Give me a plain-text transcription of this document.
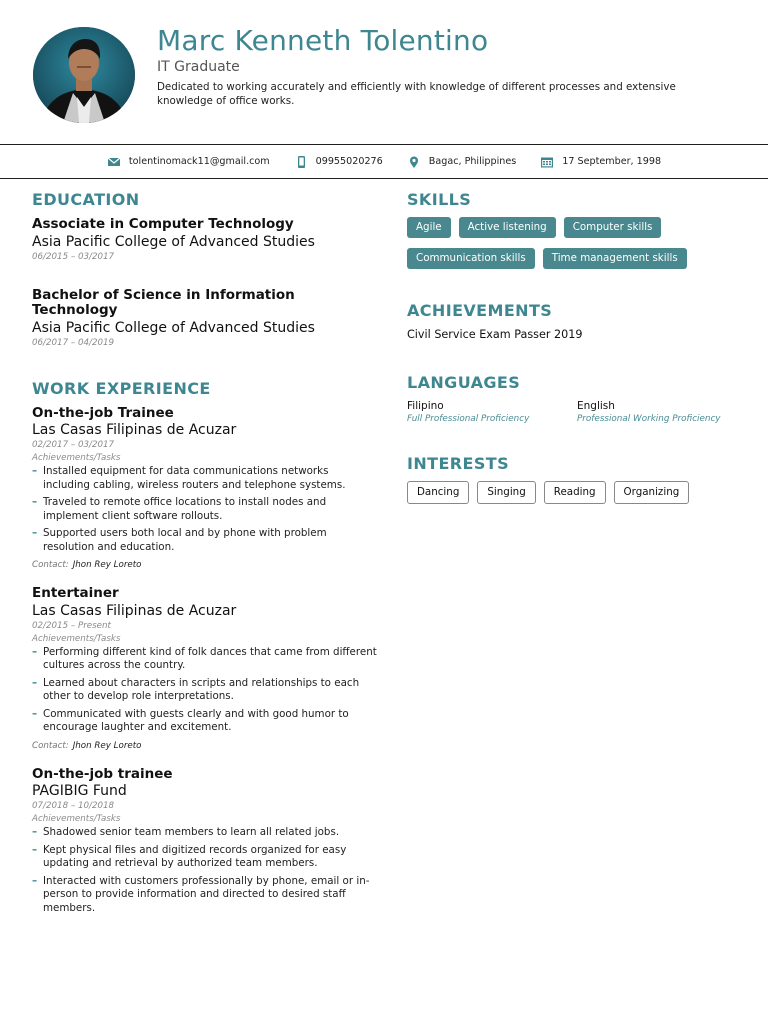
Marc Kenneth Tolentino
IT Graduate
Dedicated to working accurately and efficiently with knowledge of different processes and extensive knowledge of office works.
tolentinomack11@gmail.com	09955020276	Bagac, Philippines	17 September, 1998
EDUCATION
Associate in Computer Technology
Asia Pacific College of Advanced Studies
06/2015 – 03/2017
Bachelor of Science in Information Technology
Asia Pacific College of Advanced Studies
06/2017 – 04/2019
WORK EXPERIENCE
On-the-job Trainee
Las Casas Filipinas de Acuzar
02/2017 – 03/2017
Achievements/Tasks
– Installed equipment for data communications networks including cabling, wireless routers and telephone systems.
– Traveled to remote office locations to install nodes and implement client software rollouts.
– Supported users both local and by phone with problem resolution and education.
Contact: Jhon Rey Loreto
Entertainer
Las Casas Filipinas de Acuzar
02/2015 – Present
Achievements/Tasks
– Performing different kind of folk dances that came from different cultures across the country.
– Learned about characters in scripts and relationships to each other to develop role interpretations.
– Communicated with guests clearly and with good humor to encourage laughter and excitement.
Contact: Jhon Rey Loreto
On-the-job trainee
PAGIBIG Fund
07/2018 – 10/2018
Achievements/Tasks
– Shadowed senior team members to learn all related jobs.
– Kept physical files and digitized records organized for easy updating and retrieval by authorized team members.
– Interacted with customers professionally by phone, email or in-person to provide information and directed to desired staff members.
SKILLS
Agile	Active listening	Computer skills
Communication skills	Time management skills
ACHIEVEMENTS
Civil Service Exam Passer 2019
LANGUAGES
Filipino
Full Professional Proficiency
English
Professional Working Proficiency
INTERESTS
Dancing	Singing	Reading	Organizing
